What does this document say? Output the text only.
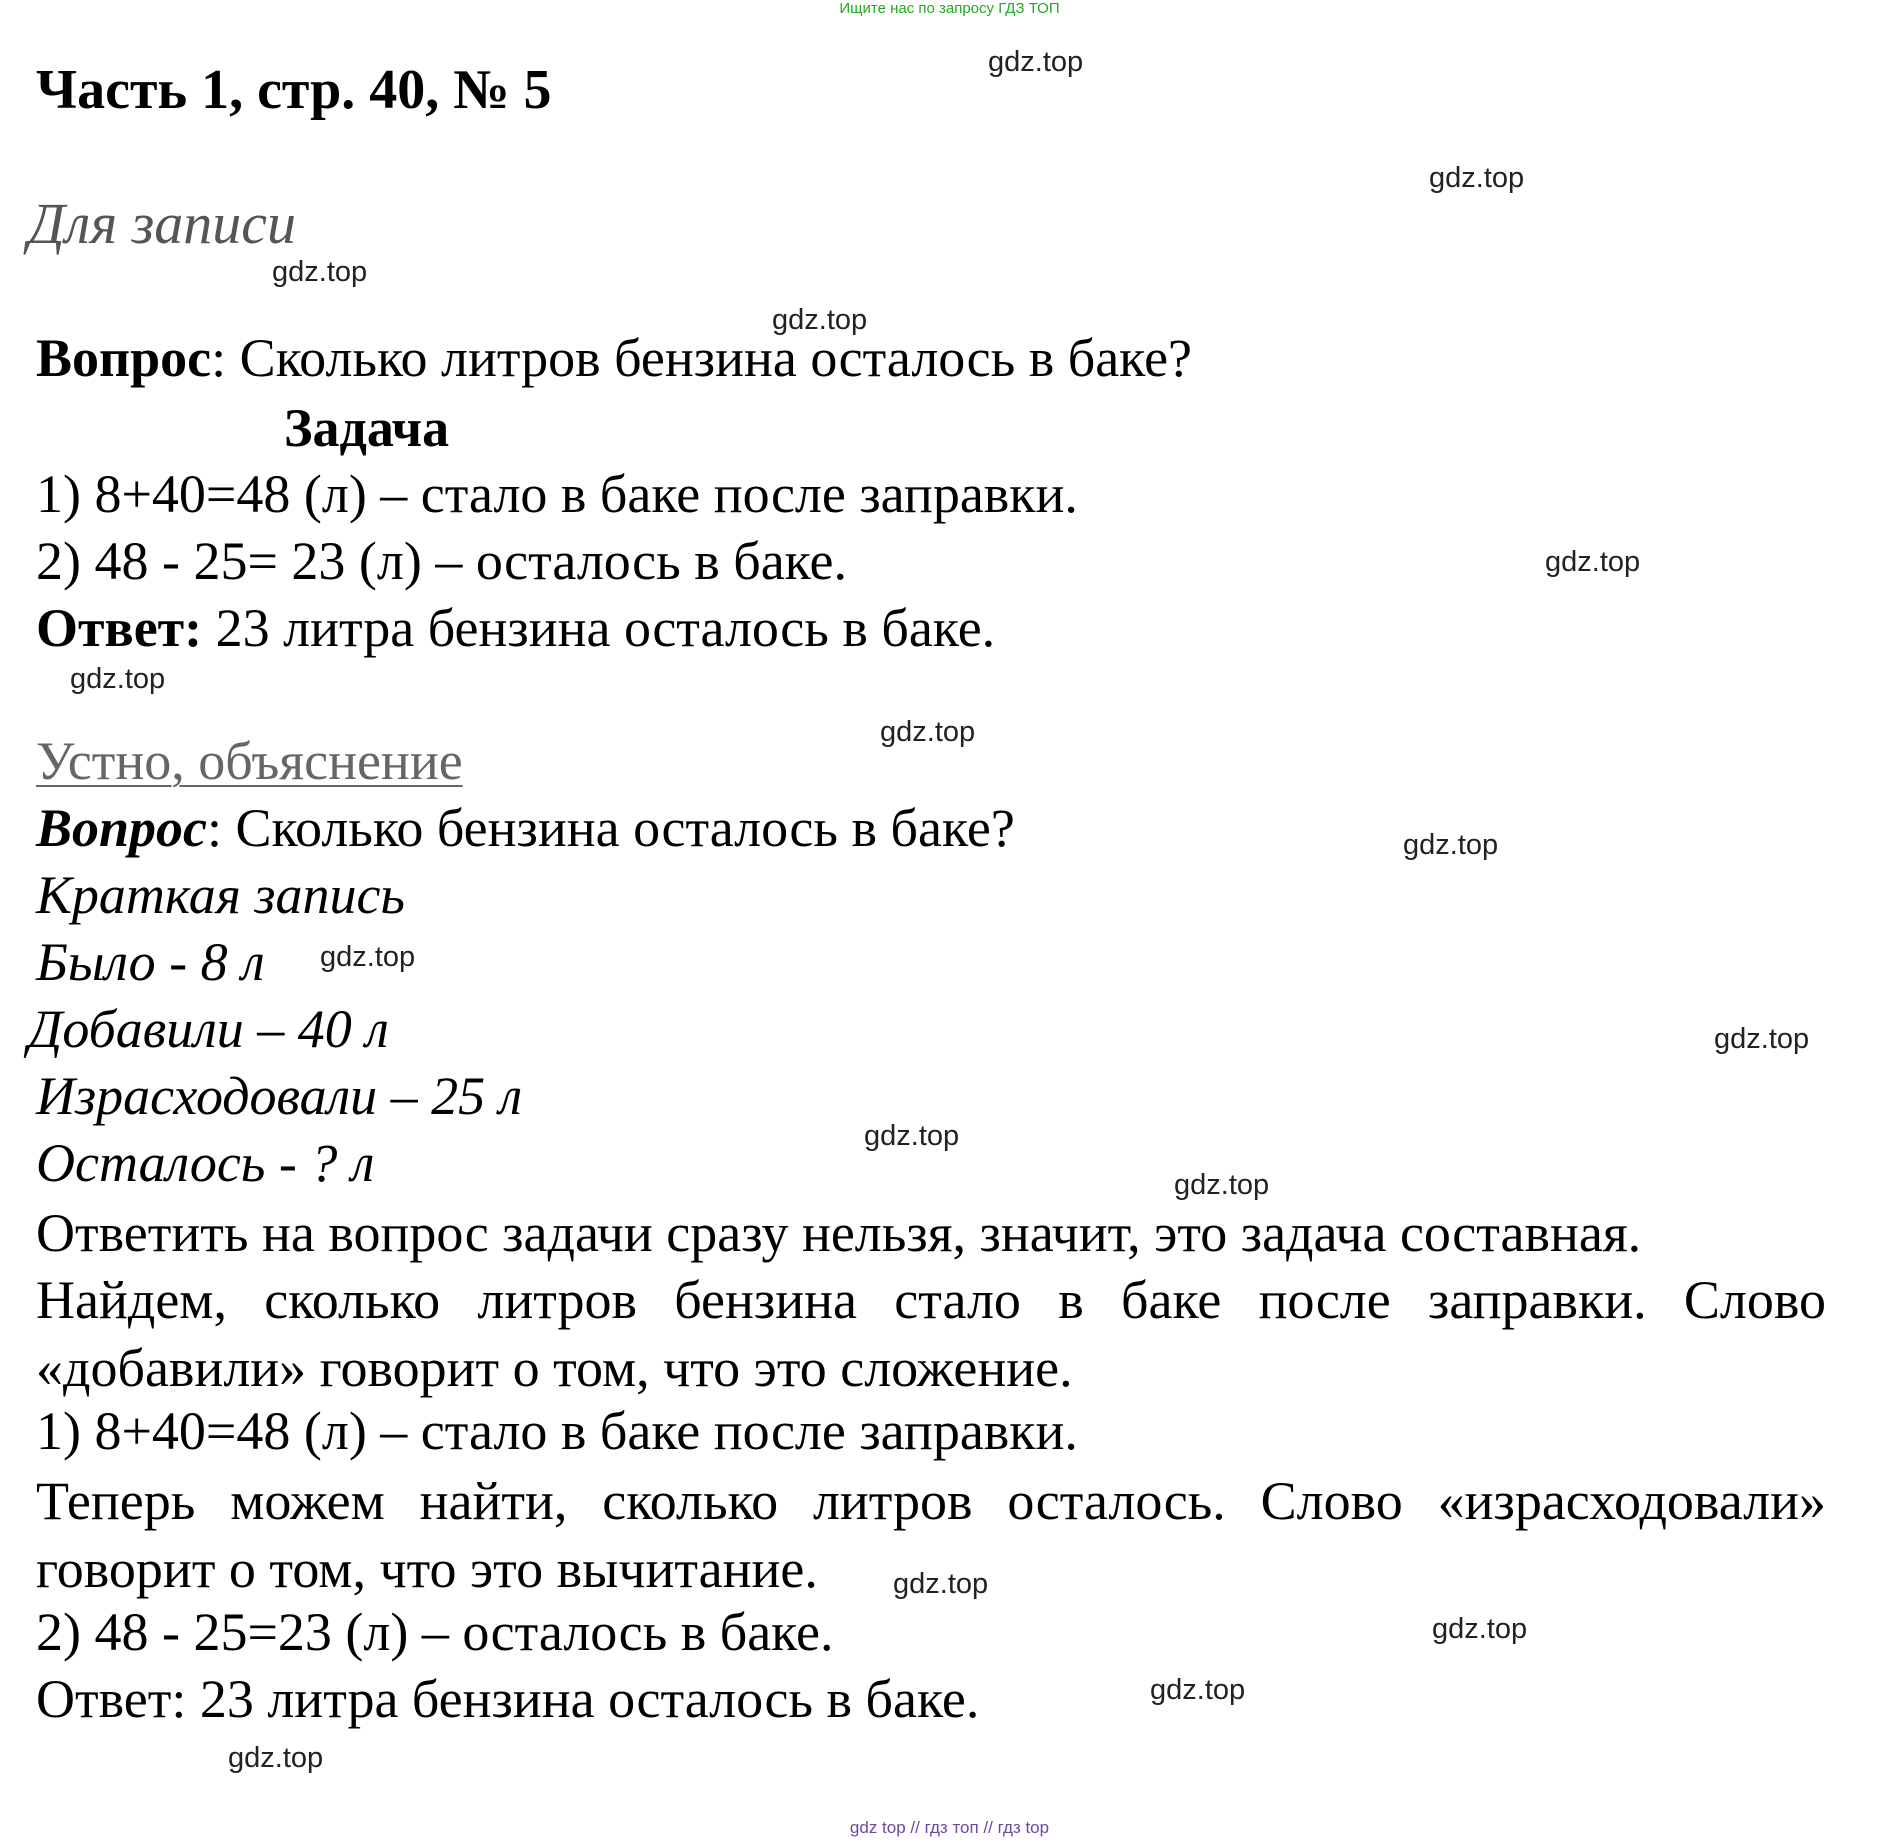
Ищите нас по запросу ГДЗ ТОП
Часть 1, стр. 40, № 5
Для записи
Вопрос: Сколько литров бензина осталось в баке?
Задача
1) 8+40=48 (л) – стало в баке после заправки.
2) 48 - 25= 23 (л) – осталось в баке.
Ответ: 23 литра бензина осталось в баке.
Устно, объяснение
Вопрос: Сколько бензина осталось в баке?
Краткая запись
Было - 8 л
Добавили – 40 л
Израсходовали – 25 л
Осталось - ? л
Ответить на вопрос задачи сразу нельзя, значит, это задача составная.

Найдем, сколько литров бензина стало в баке после заправки. Слово «добавили» говорит о том, что это сложение.

1) 8+40=48 (л) – стало в баке после заправки.

Теперь можем найти, сколько литров осталось. Слово «израсходовали» говорит о том, что это вычитание.

2) 48 - 25=23 (л) – осталось в баке.
Ответ: 23 литра бензина осталось в баке.
gdz.top
gdz.top
gdz.top
gdz.top
gdz.top
gdz.top
gdz.top
gdz.top
gdz.top
gdz.top
gdz.top
gdz.top
gdz.top
gdz.top
gdz.top
gdz.top
gdz top // гдз топ // гдз top
